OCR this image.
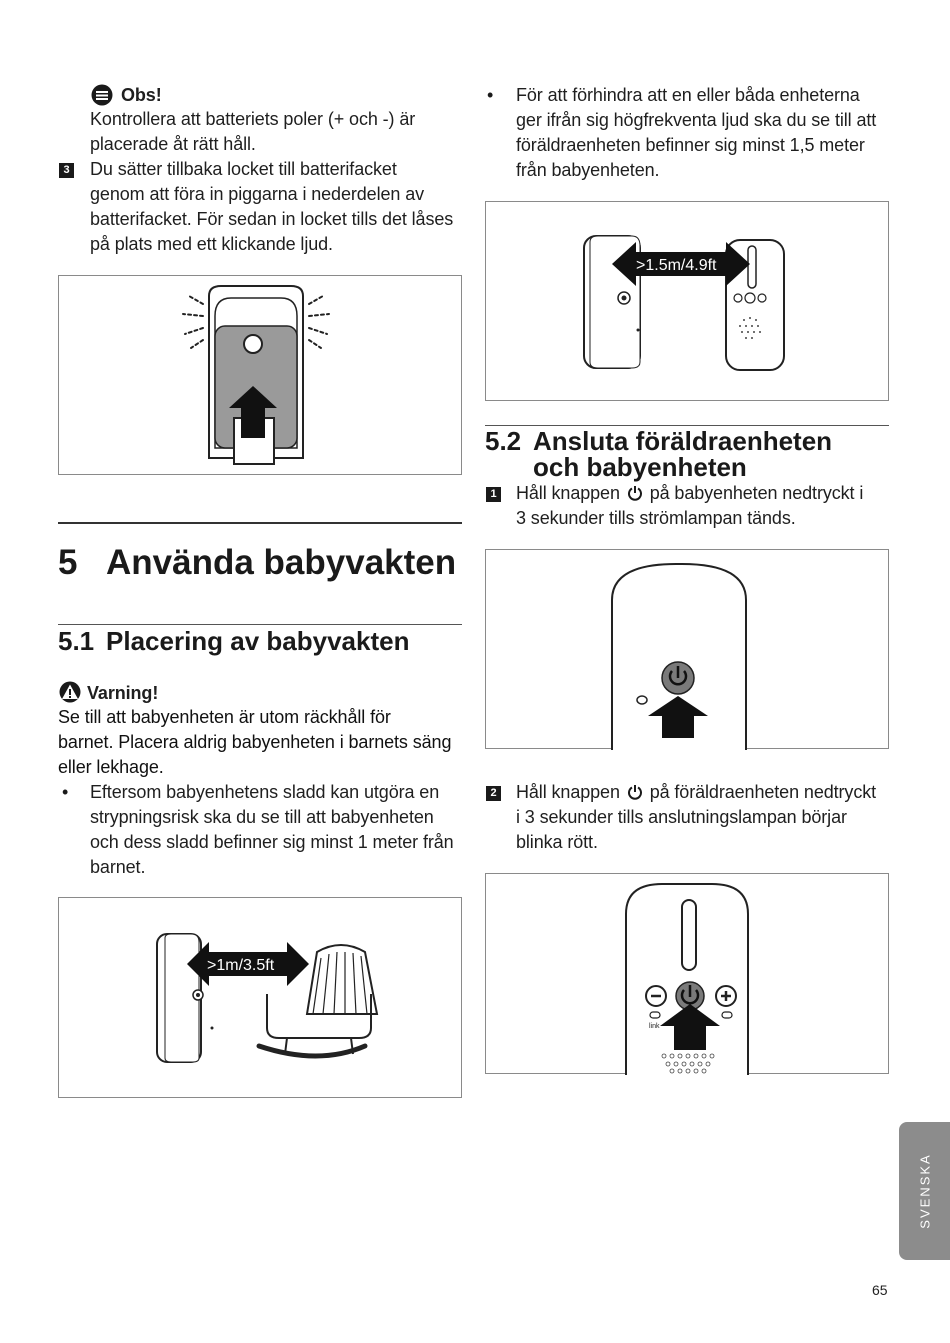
Obs!
Kontrollera att batteriets poler (+ och -) är
placerade åt rätt håll.
3 Du sätter tillbaka locket till batterifacket
genom att föra in piggarna i nederdelen av
batterifacket. För sedan in locket tills det låses
på plats med ett klickande ljud.
5 Använda babyvakten
5.1 Placering av babyvakten
Varning!
Se till att babyenheten är utom räckhåll för
barnet. Placera aldrig babyenheten i barnets säng
eller lekhage.
• Eftersom babyenhetens sladd kan utgöra en
strypningsrisk ska du se till att babyenheten
och dess sladd befinner sig minst 1 meter från
barnet.
>1m/3.5ft
• För att förhindra att en eller båda enheterna
ger ifrån sig högfrekventa ljud ska du se till att
föräldraenheten befinner sig minst 1,5 meter
från babyenheten.
>1.5m/4.9ft
5.2 Ansluta föräldraenheten
och babyenheten
1 Håll knappen på babyenheten nedtryckt i
3 sekunder tills strömlampan tänds.
2 Håll knappen på föräldraenheten nedtryckt
i 3 sekunder tills anslutningslampan börjar
blinka rött.
link
SVENSKA
65
